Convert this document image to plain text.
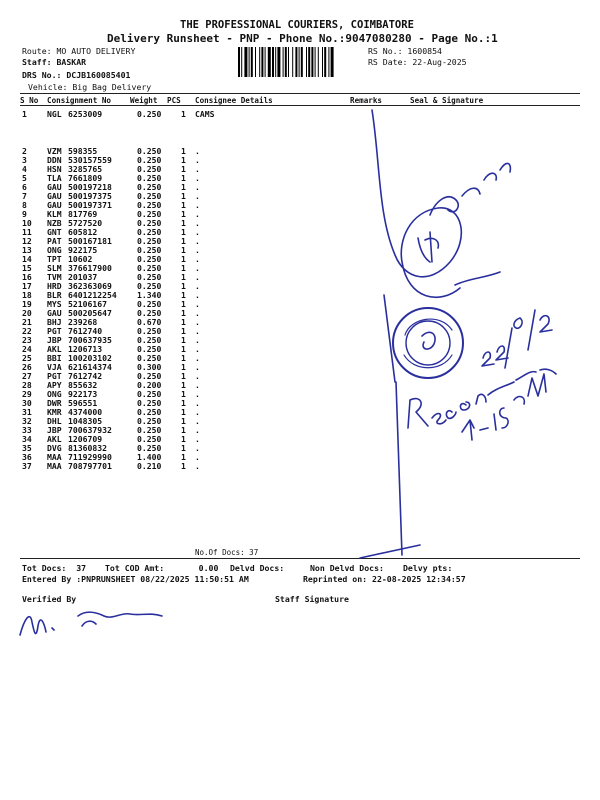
THE PROFESSIONAL COURIERS, COIMBATORE
Delivery Runsheet - PNP - Phone No.:9047080280 - Page No.:1
Route: MO AUTO DELIVERY
Staff: BASKAR
DRS No.: DCJB160085401
Vehicle: Big Bag Delivery
RS No.: 1600854
RS Date: 22-Aug-2025
S No Consignment No Weight PCS Consignee Details	Remarks	Seal & Signature
1 NGL 6253009	0.250 1 CAMS
2 VZM 598355	0.250 1 .
3 DDN 530157559	0.250 1 .
4 HSN 3285765	0.250 1 .
5 TLA 7661809	0.250 1 .
6 GAU 500197218	0.250 1 .
7 GAU 500197375	0.250 1 .
8 GAU 500197371	0.250 1 .
9 KLM 817769	0.250 1 .
10 NZB 5727520	0.250 1 .
11 GNT 605812	0.250 1 .
12 PAT 500167181	0.250 1 .
13 ONG 922175	0.250 1 .
14 TPT 10602	0.250 1 .
15 SLM 376617900	0.250 1 .
16 TVM 201037	0.250 1 .
17 HRD 362363069	0.250 1 .
18 BLR 6401212254	1.340 1 .
19 MYS 52106167	0.250 1 .
20 GAU 500205647	0.250 1 .
21 BHJ 239268	0.670 1 .
22 PGT 7612740	0.250 1 .
23 JBP 700637935	0.250 1 .
24 AKL 1206713	0.250 1 .
25 BBI 100203102	0.250 1 .
26 VJA 621614374	0.300 1 .
27 PGT 7612742	0.250 1 .
28 APY 855632	0.200 1 .
29 ONG 922173	0.250 1 .
30 DWR 596551	0.250 1 .
31 KMR 4374000	0.250 1 .
32 DHL 1048305	0.250 1 .
33 JBP 700637932	0.250 1 .
34 AKL 1206709	0.250 1 .
35 DVG 81360832	0.250 1 .
36 MAA 711929990	1.400 1 .
37 MAA 708797701	0.210 1 .
No.Of Docs: 37
Tot Docs:  37 Tot COD Amt:       0.00 Delvd Docs:	Non Delvd Docs: Delvy pts:
Entered By :PNPRUNSHEET 08/22/2025 11:50:51 AM	Reprinted on: 22-08-2025 12:34:57
Verified By	Staff Signature
